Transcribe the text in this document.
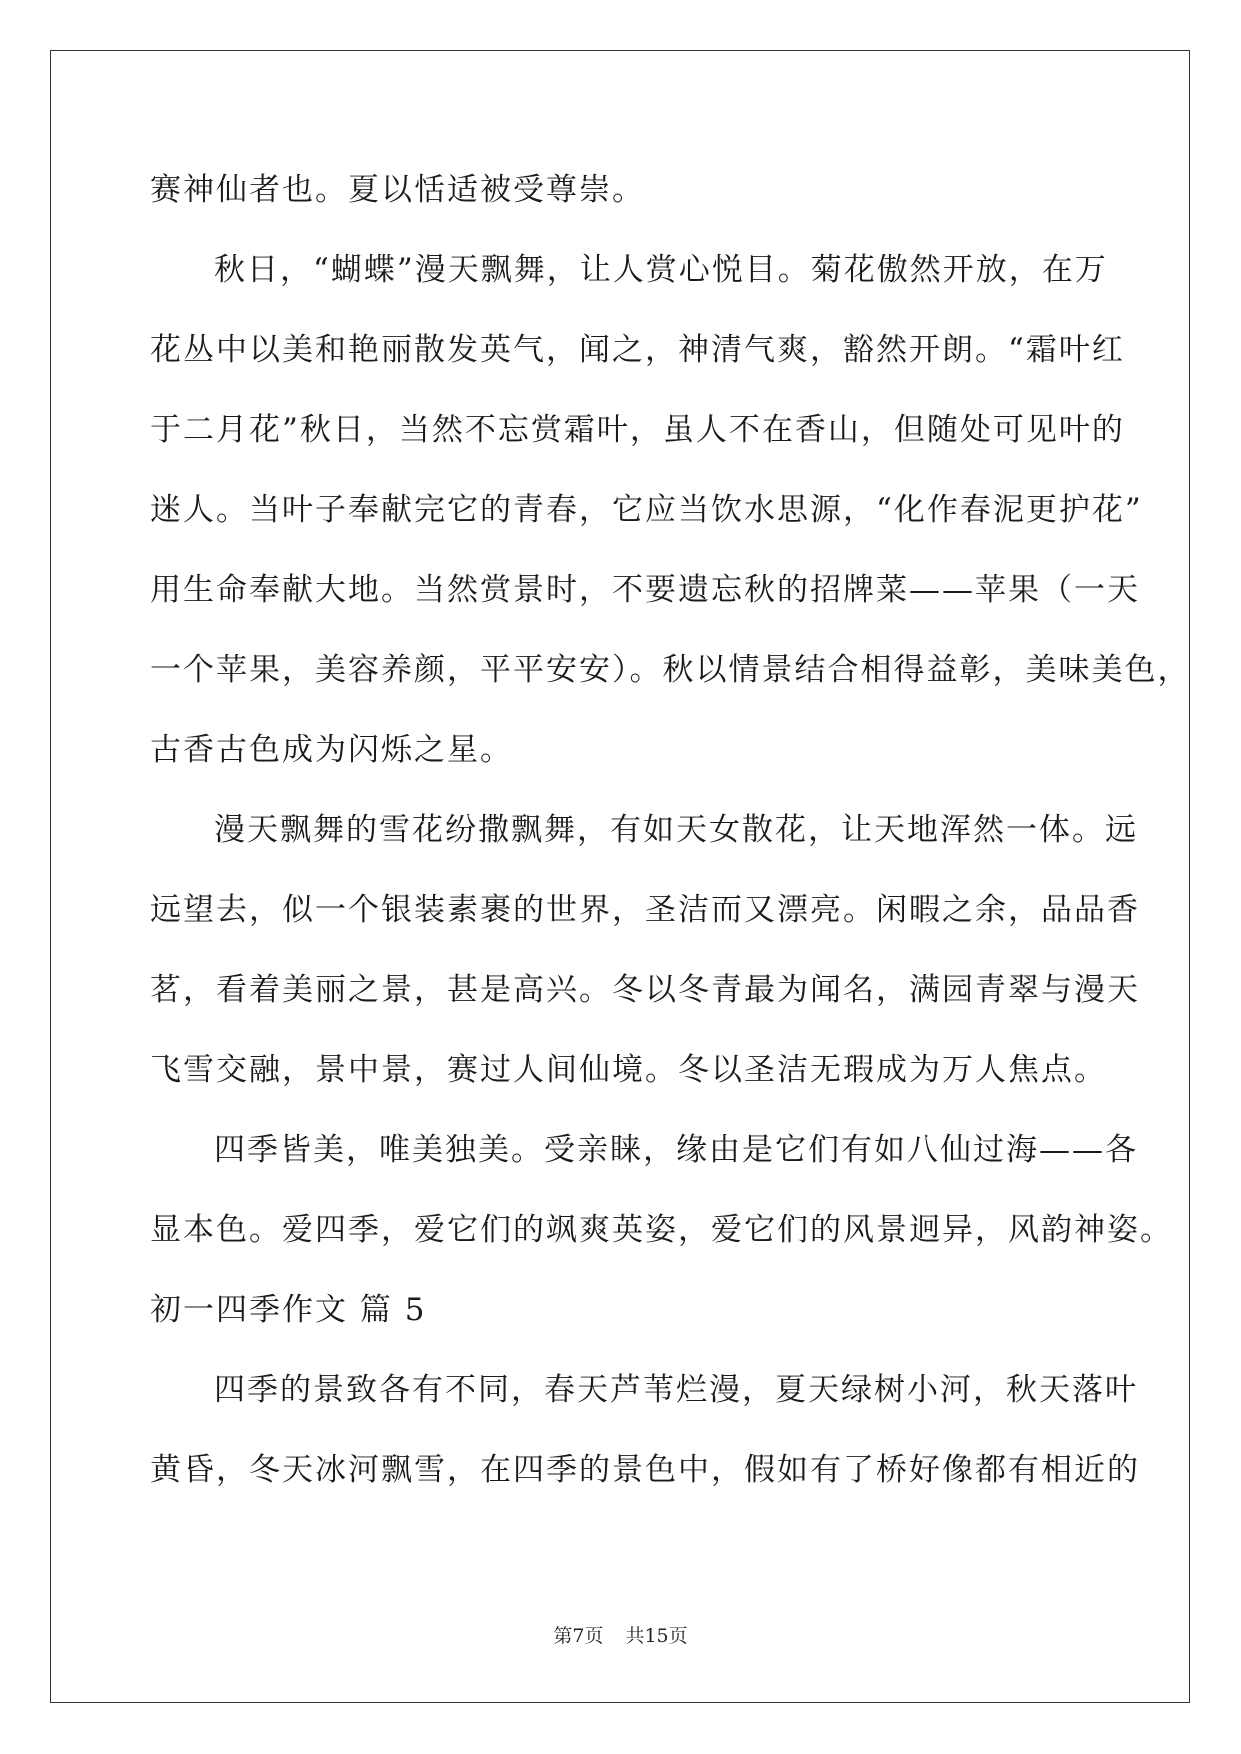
赛神仙者也。夏以恬适被受尊崇。
秋日，“蝴蝶”漫天飘舞，让人赏心悦目。菊花傲然开放，在万
花丛中以美和艳丽散发英气，闻之，神清气爽，豁然开朗。“霜叶红
于二月花”秋日，当然不忘赏霜叶，虽人不在香山，但随处可见叶的
迷人。当叶子奉献完它的青春，它应当饮水思源，“化作春泥更护花”
用生命奉献大地。当然赏景时，不要遗忘秋的招牌菜——苹果（一天
一个苹果，美容养颜，平平安安）。秋以情景结合相得益彰，美味美色，
古香古色成为闪烁之星。
漫天飘舞的雪花纷撒飘舞，有如天女散花，让天地浑然一体。远
远望去，似一个银装素裹的世界，圣洁而又漂亮。闲暇之余，品品香
茗，看着美丽之景，甚是高兴。冬以冬青最为闻名，满园青翠与漫天
飞雪交融，景中景，赛过人间仙境。冬以圣洁无瑕成为万人焦点。
四季皆美，唯美独美。受亲睐，缘由是它们有如八仙过海——各
显本色。爱四季，爱它们的飒爽英姿，爱它们的风景迥异，风韵神姿。
初一四季作文 篇 5
四季的景致各有不同，春天芦苇烂漫，夏天绿树小河，秋天落叶
黄昏，冬天冰河飘雪，在四季的景色中，假如有了桥好像都有相近的
第7页 共15页
